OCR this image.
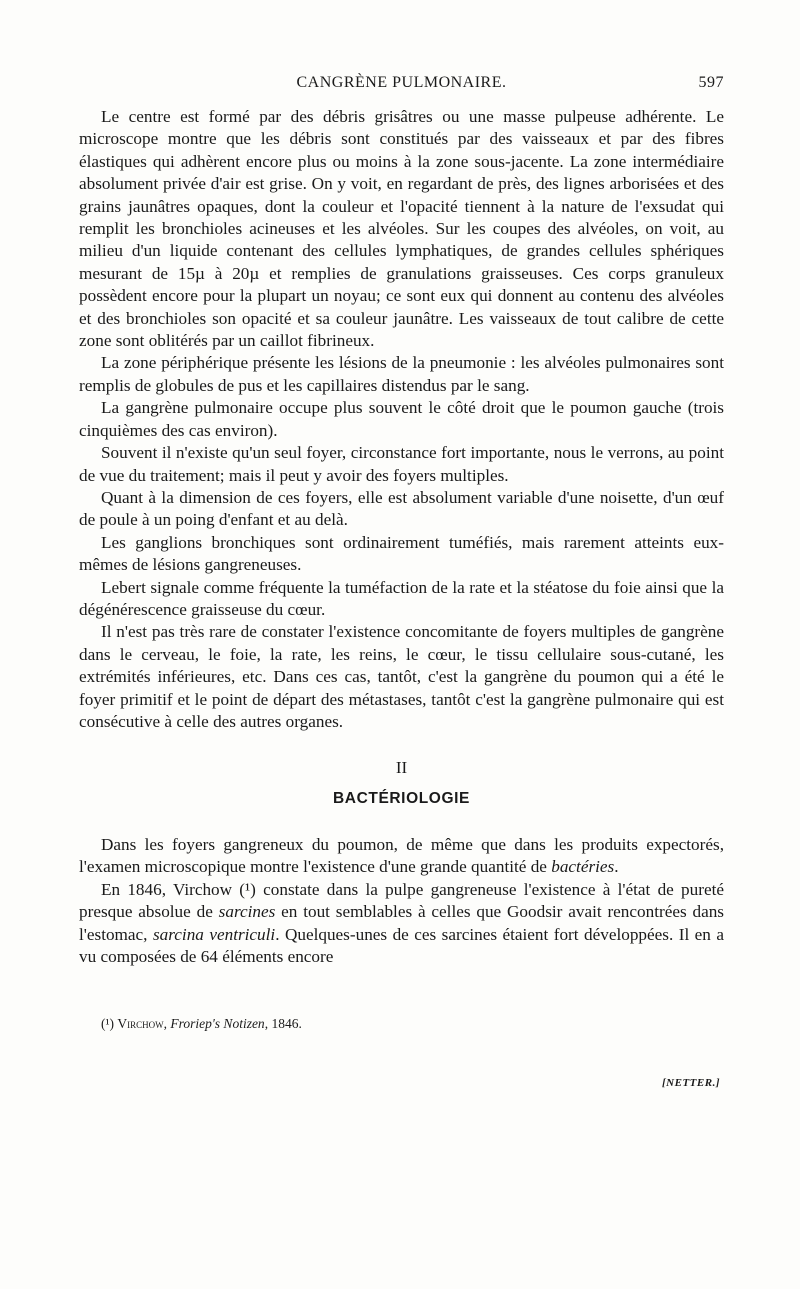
CANGRÈNE PULMONAIRE.	597

Le centre est formé par des débris grisâtres ou une masse pulpeuse adhérente. Le microscope montre que les débris sont constitués par des vaisseaux et par des fibres élastiques qui adhèrent encore plus ou moins à la zone sous-jacente. La zone intermédiaire absolument privée d'air est grise. On y voit, en regardant de près, des lignes arborisées et des grains jaunâtres opaques, dont la couleur et l'opacité tiennent à la nature de l'exsudat qui remplit les bronchioles acineuses et les alvéoles. Sur les coupes des alvéoles, on voit, au milieu d'un liquide contenant des cellules lymphatiques, de grandes cellules sphériques mesurant de 15µ à 20µ et remplies de granulations graisseuses. Ces corps granuleux possèdent encore pour la plupart un noyau; ce sont eux qui donnent au contenu des alvéoles et des bronchioles son opacité et sa couleur jaunâtre. Les vaisseaux de tout calibre de cette zone sont oblitérés par un caillot fibrineux.

La zone périphérique présente les lésions de la pneumonie : les alvéoles pulmonaires sont remplis de globules de pus et les capillaires distendus par le sang.

La gangrène pulmonaire occupe plus souvent le côté droit que le poumon gauche (trois cinquièmes des cas environ).

Souvent il n'existe qu'un seul foyer, circonstance fort importante, nous le verrons, au point de vue du traitement; mais il peut y avoir des foyers multiples.

Quant à la dimension de ces foyers, elle est absolument variable d'une noisette, d'un œuf de poule à un poing d'enfant et au delà.

Les ganglions bronchiques sont ordinairement tuméfiés, mais rarement atteints eux-mêmes de lésions gangreneuses.

Lebert signale comme fréquente la tuméfaction de la rate et la stéatose du foie ainsi que la dégénérescence graisseuse du cœur.

Il n'est pas très rare de constater l'existence concomitante de foyers multiples de gangrène dans le cerveau, le foie, la rate, les reins, le cœur, le tissu cellulaire sous-cutané, les extrémités inférieures, etc. Dans ces cas, tantôt, c'est la gangrène du poumon qui a été le foyer primitif et le point de départ des métastases, tantôt c'est la gangrène pulmonaire qui est consécutive à celle des autres organes.

II
BACTÉRIOLOGIE

Dans les foyers gangreneux du poumon, de même que dans les produits expectorés, l'examen microscopique montre l'existence d'une grande quantité de bactéries.

En 1846, Virchow (¹) constate dans la pulpe gangreneuse l'existence à l'état de pureté presque absolue de sarcines en tout semblables à celles que Goodsir avait rencontrées dans l'estomac, sarcina ventriculi. Quelques-unes de ces sarcines étaient fort développées. Il en a vu composées de 64 éléments encore

(¹) Virchow, Froriep's Notizen, 1846.
[NETTER.]
